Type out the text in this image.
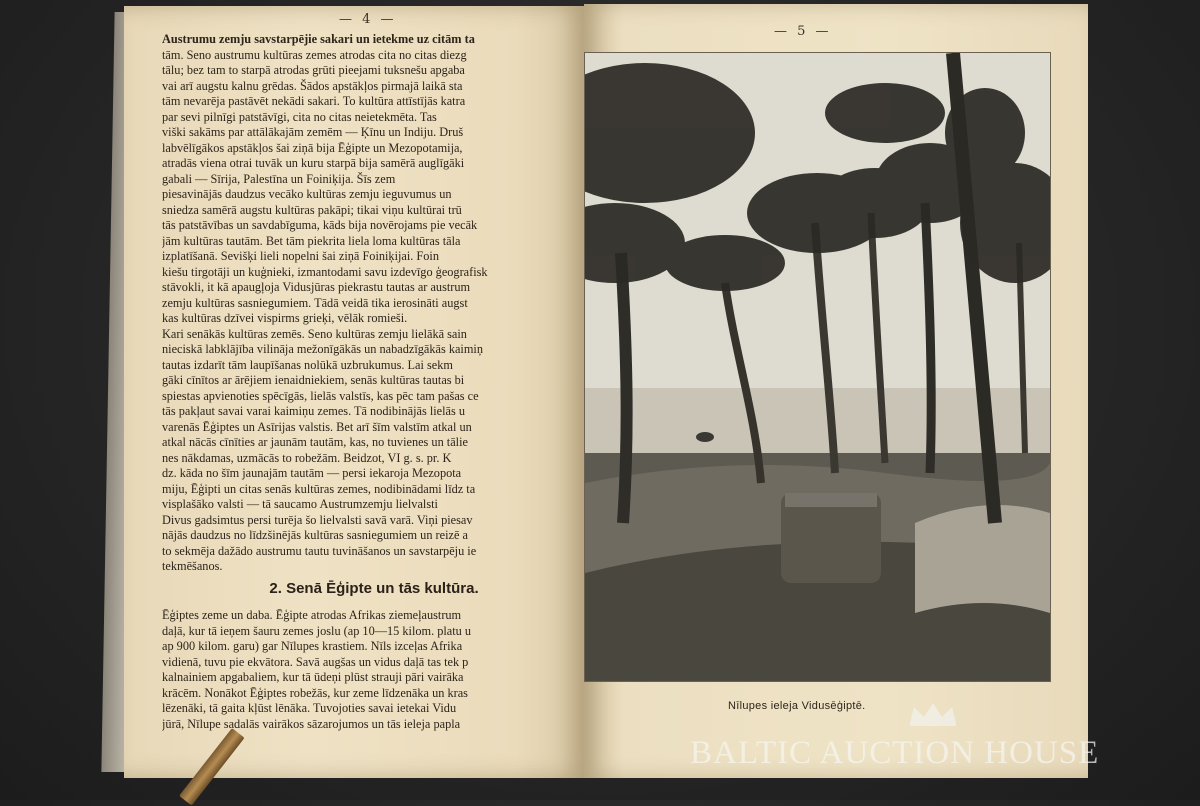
— 4 —
Austrumu zemju savstarpējie sakari un ietekme uz citām ta
tām. Seno austrumu kultūras zemes atrodas cita no citas diezg
tālu; bez tam to starpā atrodas grūti pieejami tuksnešu apgaba
vai arī augstu kalnu grēdas. Šādos apstākļos pirmajā laikā sta
tām nevarēja pastāvēt nekādi sakari. To kultūra attīstījās katra
par sevi pilnīgi patstāvīgi, cita no citas neietekmēta. Tas
viški sakāms par attālākajām zemēm — Ķīnu un Indiju. Druš
labvēlīgākos apstākļos šai ziņā bija Ēģipte un Mezopotamija,
atradās viena otrai tuvāk un kuru starpā bija samērā auglīgāki
gabali — Sīrija, Palestīna un Foiniķija. Šīs zem
piesavinājās daudzus vecāko kultūras zemju ieguvumus un
sniedza samērā augstu kultūras pakāpi; tikai viņu kultūrai trū
tās patstāvības un savdabīguma, kāds bija novērojams pie vecāk
jām kultūras tautām. Bet tām piekrita liela loma kultūras tāla
izplatīšanā. Sevišķi lieli nopelni šai ziņā Foiniķijai. Foin
kiešu tirgotāji un kuģnieki, izmantodami savu izdevīgo ģeografisk
stāvokli, it kā apaugļoja Vidusjūras piekrastu tautas ar austrum
zemju kultūras sasniegumiem. Tādā veidā tika ierosināti augst
kas kultūras dzīvei vispirms grieķi, vēlāk romieši.
Kari senākās kultūras zemēs. Seno kultūras zemju lielākā sain
nieciskā labklājība vilināja mežonīgākās un nabadzīgākās kaimiņ
tautas izdarīt tām laupīšanas nolūkā uzbrukumus. Lai sekm
gāki cīnītos ar ārējiem ienaidniekiem, senās kultūras tautas bi
spiestas apvienoties spēcīgās, lielās valstīs, kas pēc tam pašas ce
tās pakļaut savai varai kaimiņu zemes. Tā nodibinājās lielās u
varenās Ēģiptes un Asīrijas valstis. Bet arī šīm valstīm atkal un
atkal nācās cīnīties ar jaunām tautām, kas, no tuvienes un tālie
nes nākdamas, uzmācās to robežām. Beidzot, VI g. s. pr. K
dz. kāda no šīm jaunajām tautām — persi iekaroja Mezopota
miju, Ēģipti un citas senās kultūras zemes, nodibinādami līdz ta
visplašāko valsti — tā saucamo Austrumzemju lielvalsti
Divus gadsimtus persi turēja šo lielvalsti savā varā. Viņi piesav
nājās daudzus no līdzšinējās kultūras sasniegumiem un reizē a
to sekmēja dažādo austrumu tautu tuvināšanos un savstarpēju ie
tekmēšanos.
2. Senā Ēģipte un tās kultūra.
Ēģiptes zeme un daba. Ēģipte atrodas Afrikas ziemeļaustrum
daļā, kur tā ieņem šauru zemes joslu (ap 10—15 kilom. platu u
ap 900 kilom. garu) gar Nīlupes krastiem. Nīls izceļas Afrika
vidienā, tuvu pie ekvātora. Savā augšas un vidus daļā tas tek p
kalnainiem apgabaliem, kur tā ūdeņi plūst strauji pāri vairāka
krācēm. Nonākot Ēģiptes robežās, kur zeme līdzenāka un kras
lēzenāki, tā gaita kļūst lēnāka. Tuvojoties savai ietekai Vidu
jūrā, Nīlupe sadalās vairākos sāzarojumos un tās ieleja papla
— 5 —
Nīlupes ieleja Vidusēģiptē.
BALTIC AUCTION HOUSE
